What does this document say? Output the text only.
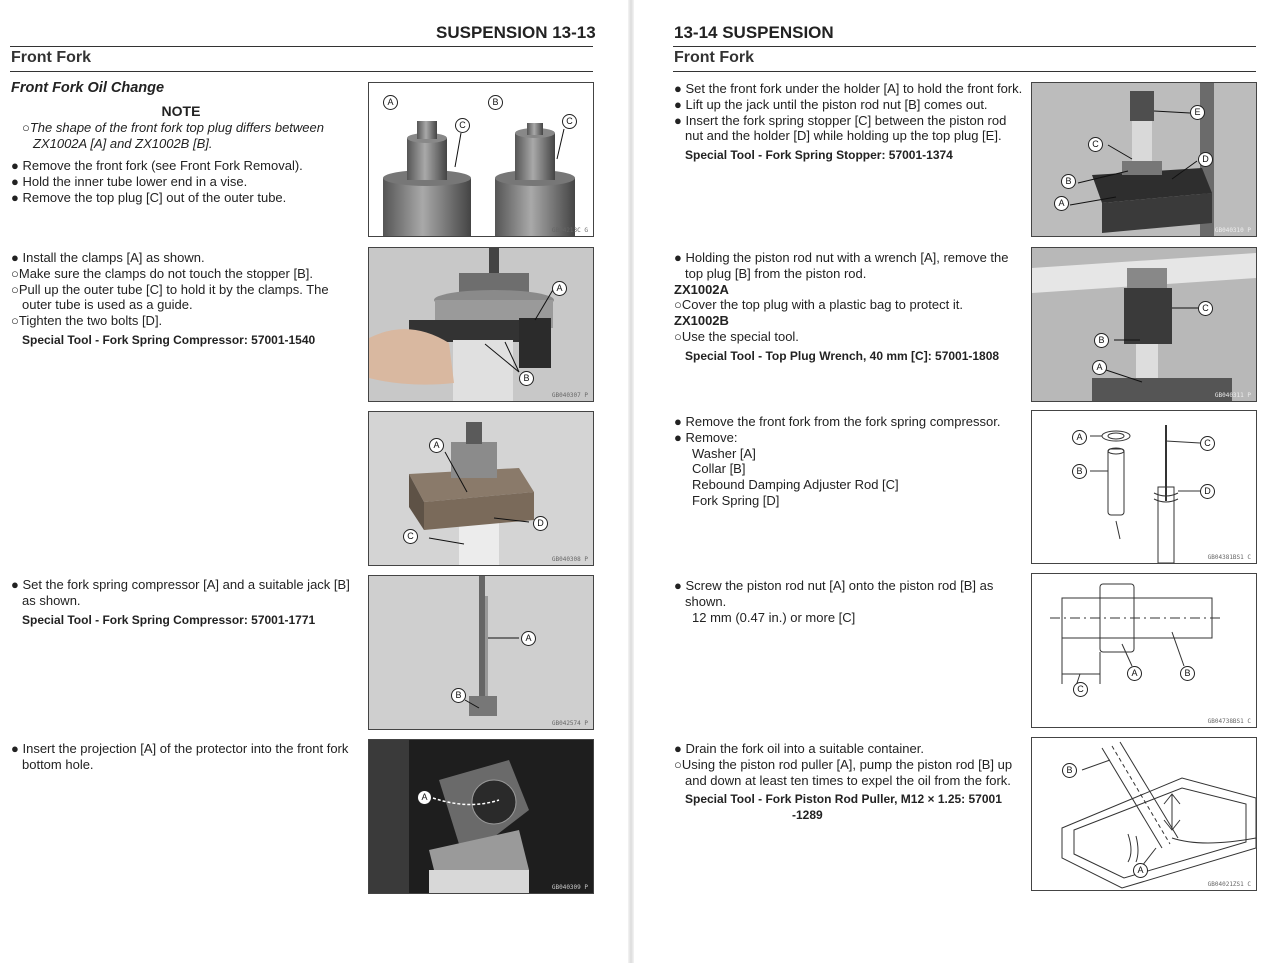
SUSPENSION 13-13
Front Fork
Front Fork Oil Change
NOTE

○The shape of the front fork top plug differs between

ZX1002A [A] and ZX1002B [B].

● Remove the front fork (see Front Fork Removal).

● Hold the inner tube lower end in a vise.

● Remove the top plug [C] out of the outer tube.

● Install the clamps [A] as shown.

○Make sure the clamps do not touch the stopper [B].

○Pull up the outer tube [C] to hold it by the clamps. The

outer tube is used as a guide.

○Tighten the two bolts [D].

Special Tool - Fork Spring Compressor: 57001-1540

● Set the fork spring compressor [A] and a suitable jack [B]

as shown.

Special Tool - Fork Spring Compressor: 57001-1771

● Insert the projection [A] of the protector into the front fork

bottom hole.

A	B
C	C
GB04213C G
A
B
GB040307 P
A
D
C
GB040308 P
A
B
GB042574 P
A
GB040309 P
13-14 SUSPENSION
Front Fork

● Set the front fork under the holder [A] to hold the front fork.

● Lift up the jack until the piston rod nut [B] comes out.

● Insert the fork spring stopper [C] between the piston rod

nut and the holder [D] while holding up the top plug [E].

Special Tool - Fork Spring Stopper: 57001-1374

● Holding the piston rod nut with a wrench [A], remove the

top plug [B] from the piston rod.

ZX1002A

○Cover the top plug with a plastic bag to protect it.

ZX1002B

○Use the special tool.

Special Tool - Top Plug Wrench, 40 mm [C]: 57001-1808

● Remove the front fork from the fork spring compressor.

● Remove:

Washer [A]

Collar [B]

Rebound Damping Adjuster Rod [C]

Fork Spring [D]

● Screw the piston rod nut [A] onto the piston rod [B] as

shown.

12 mm (0.47 in.) or more [C]

● Drain the fork oil into a suitable container.

○Using the piston rod puller [A], pump the piston rod [B] up

and down at least ten times to expel the oil from the fork.

Special Tool - Fork Piston Rod Puller, M12 × 1.25: 57001

-1289

E
C
D
B
A
GB040310 P
C
B
A
GB040311 P
A
C
B
D
GB04381BS1 C
A	B
C
GB04738BS1 C
B
A
GB04021ZS1 C
